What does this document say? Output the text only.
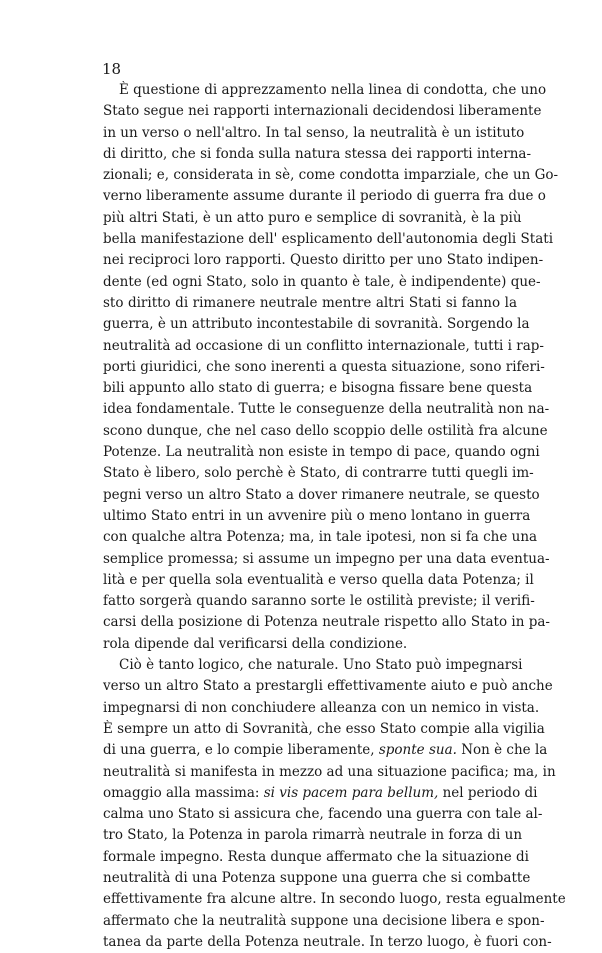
18
È questione di apprezzamento nella linea di condotta, che uno
Stato segue nei rapporti internazionali decidendosi liberamente
in un verso o nell'altro. In tal senso, la neutralità è un istituto
di diritto, che si fonda sulla natura stessa dei rapporti interna-
zionali; e, considerata in sè, come condotta imparziale, che un Go-
verno liberamente assume durante il periodo di guerra fra due o
più altri Stati, è un atto puro e semplice di sovranità, è la più
bella manifestazione dell' esplicamento dell'autonomia degli Stati
nei reciproci loro rapporti. Questo diritto per uno Stato indipen-
dente (ed ogni Stato, solo in quanto è tale, è indipendente) que-
sto diritto di rimanere neutrale mentre altri Stati si fanno la
guerra, è un attributo incontestabile di sovranità. Sorgendo la
neutralità ad occasione di un conflitto internazionale, tutti i rap-
porti giuridici, che sono inerenti a questa situazione, sono riferi-
bili appunto allo stato di guerra; e bisogna fissare bene questa
idea fondamentale. Tutte le conseguenze della neutralità non na-
scono dunque, che nel caso dello scoppio delle ostilità fra alcune
Potenze. La neutralità non esiste in tempo di pace, quando ogni
Stato è libero, solo perchè è Stato, di contrarre tutti quegli im-
pegni verso un altro Stato a dover rimanere neutrale, se questo
ultimo Stato entri in un avvenire più o meno lontano in guerra
con qualche altra Potenza; ma, in tale ipotesi, non si fa che una
semplice promessa; si assume un impegno per una data eventua-
lità e per quella sola eventualità e verso quella data Potenza; il
fatto sorgerà quando saranno sorte le ostilità previste; il verifi-
carsi della posizione di Potenza neutrale rispetto allo Stato in pa-
rola dipende dal verificarsi della condizione.
Ciò è tanto logico, che naturale. Uno Stato può impegnarsi
verso un altro Stato a prestargli effettivamente aiuto e può anche
impegnarsi di non conchiudere alleanza con un nemico in vista.
È sempre un atto di Sovranità, che esso Stato compie alla vigilia
di una guerra, e lo compie liberamente, sponte sua. Non è che la
neutralità si manifesta in mezzo ad una situazione pacifica; ma, in
omaggio alla massima: si vis pacem para bellum, nel periodo di
calma uno Stato si assicura che, facendo una guerra con tale al-
tro Stato, la Potenza in parola rimarrà neutrale in forza di un
formale impegno. Resta dunque affermato che la situazione di
neutralità di una Potenza suppone una guerra che si combatte
effettivamente fra alcune altre. In secondo luogo, resta egualmente
affermato che la neutralità suppone una decisione libera e spon-
tanea da parte della Potenza neutrale. In terzo luogo, è fuori con-
